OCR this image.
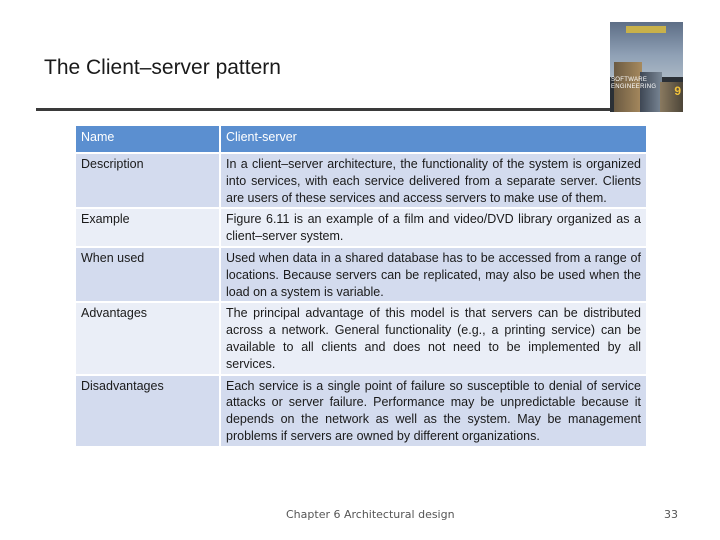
The Client–server pattern
SOFTWARE ENGINEERING	9
Name	Client-server
Description	In a client–server architecture, the functionality of the system is organized into services, with each service delivered from a separate server. Clients are users of these services and access servers to make use of them.
Example	Figure 6.11 is an example of a film and video/DVD library organized as a client–server system.
When used	Used when data in a shared database has to be accessed from a range of locations. Because servers can be replicated, may also be used when the load on a system is variable.
Advantages	The principal advantage of this model is that servers can be distributed across a network. General functionality (e.g., a printing service) can be available to all clients and does not need to be implemented by all services.
Disadvantages	Each service is a single point of failure so susceptible to denial of service attacks or server failure. Performance may be unpredictable because it depends on the network as well as the system. May be management problems if servers are owned by different organizations.
Chapter 6 Architectural design	33
